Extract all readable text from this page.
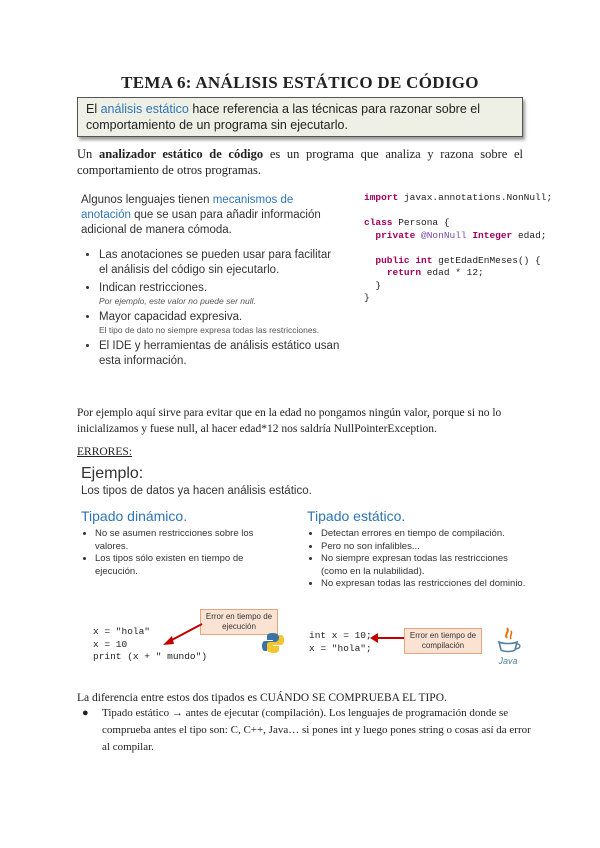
TEMA 6: ANÁLISIS ESTÁTICO DE CÓDIGO
El análisis estático hace referencia a las técnicas para razonar sobre el comportamiento de un programa sin ejecutarlo.
Un analizador estático de código es un programa que analiza y razona sobre el comportamiento de otros programas.
Algunos lenguajes tienen mecanismos de anotación que se usan para añadir información adicional de manera cómoda.
• Las anotaciones se pueden usar para facilitar el análisis del código sin ejecutarlo.
• Indican restricciones.
Por ejemplo, este valor no puede ser null.
• Mayor capacidad expresiva.
El tipo de dato no siempre expresa todas las restricciones.
• El IDE y herramientas de análisis estático usan esta información.
import javax.annotations.NonNull;

class Persona {
private @NonNull Integer edad;

public int getEdadEnMeses() {
return edad * 12;
}
}
Por ejemplo aquí sirve para evitar que en la edad no pongamos ningún valor, porque si no lo inicializamos y fuese null, al hacer edad*12 nos saldría NullPointerException.
ERRORES:
Ejemplo:
Los tipos de datos ya hacen análisis estático.
Tipado dinámico.
• No se asumen restricciones sobre los valores.
• Los tipos sólo existen en tiempo de ejecución.
Tipado estático.
• Detectan errores en tiempo de compilación.
• Pero no son infalibles...
• No siempre expresan todas las restricciones (como en la nulabilidad).
• No expresan todas las restricciones del dominio.
x = "hola"
x = 10
print (x + " mundo")
Error en tiempo de ejecución
int x = 10;
x = "hola";
Error en tiempo de compilación
Java
La diferencia entre estos dos tipados es CUÁNDO SE COMPRUEBA EL TIPO.
●	Tipado estático → antes de ejecutar (compilación). Los lenguajes de programación donde se comprueba antes el tipo son: C, C++, Java… si pones int y luego pones string o cosas así da error al compilar.
